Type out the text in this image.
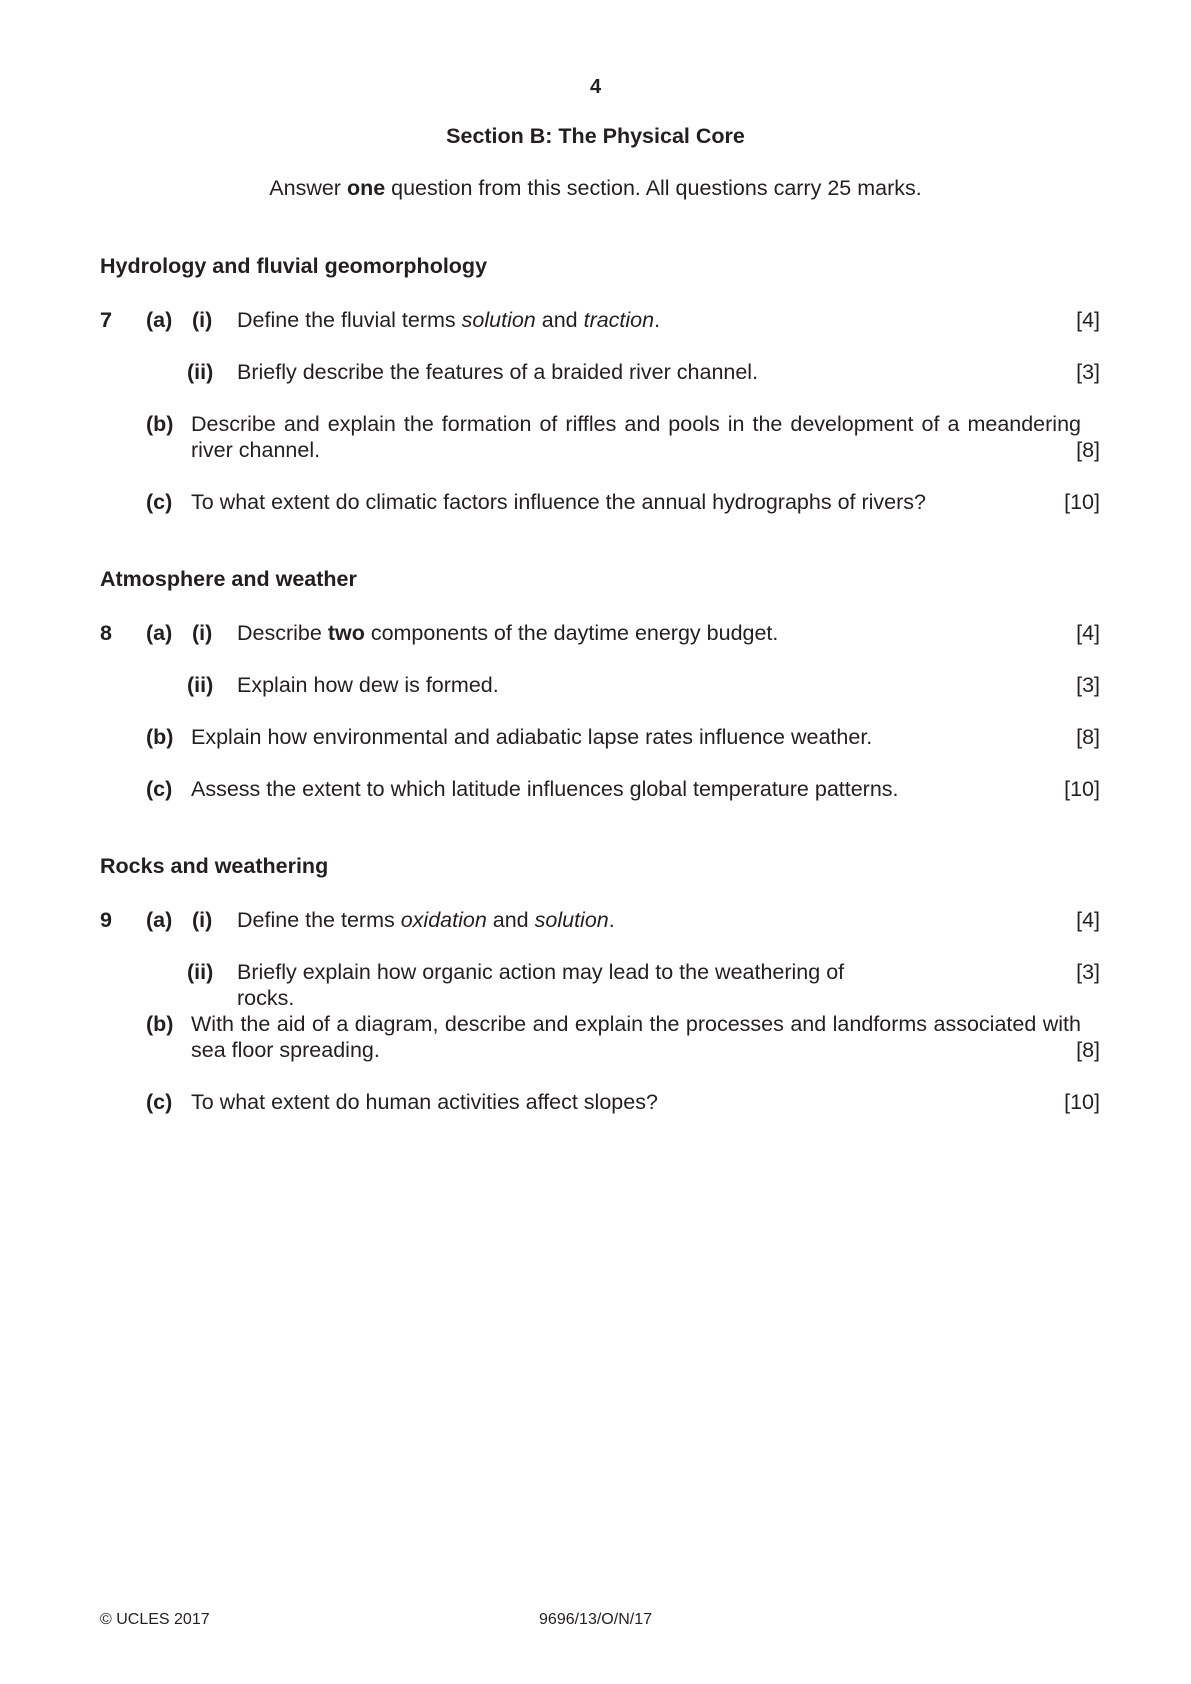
4
Section B: The Physical Core
Answer one question from this section. All questions carry 25 marks.
Hydrology and fluvial geomorphology
7 (a) (i) Define the fluvial terms solution and traction.	[4]
(ii) Briefly describe the features of a braided river channel.	[3]
(b) Describe and explain the formation of riffles and pools in the development of a meandering river channel.	[8]
(c) To what extent do climatic factors influence the annual hydrographs of rivers?	[10]
Atmosphere and weather
8 (a) (i) Describe two components of the daytime energy budget.	[4]
(ii) Explain how dew is formed.	[3]
(b) Explain how environmental and adiabatic lapse rates influence weather.	[8]
(c) Assess the extent to which latitude influences global temperature patterns.	[10]
Rocks and weathering
9 (a) (i) Define the terms oxidation and solution.	[4]
(ii) Briefly explain how organic action may lead to the weathering of rocks.
[3]
(b) With the aid of a diagram, describe and explain the processes and landforms associated with sea floor spreading.	[8]
(c) To what extent do human activities affect slopes?	[10]
© UCLES 2017	9696/13/O/N/17
